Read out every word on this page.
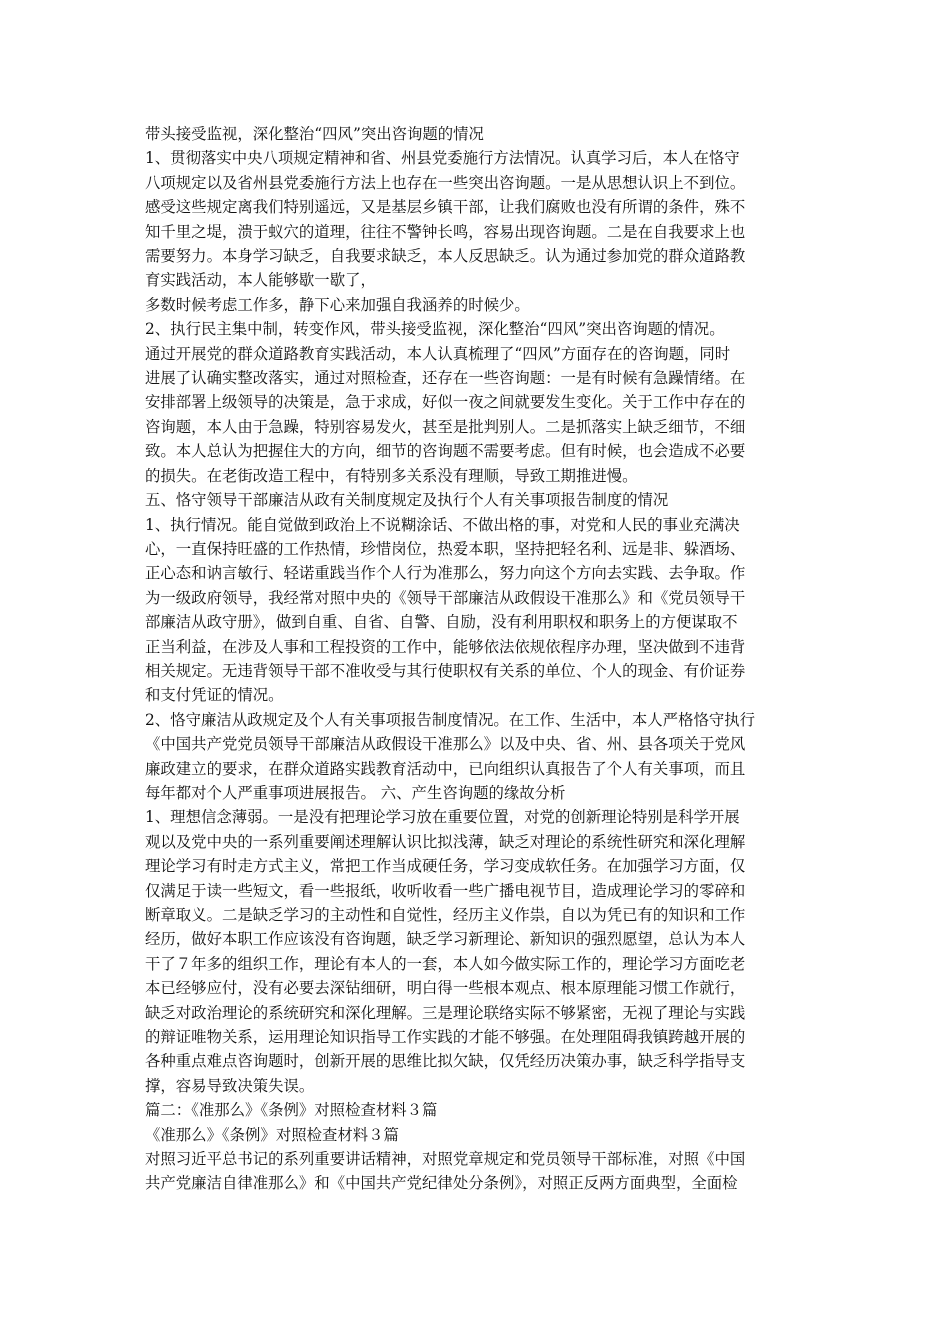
带头接受监视，深化整治“四风”突出咨询题的情况

1、贯彻落实中央八项规定精神和省、州县党委施行方法情况。认真学习后，本人在恪守

八项规定以及省州县党委施行方法上也存在一些突出咨询题。一是从思想认识上不到位。

感受这些规定离我们特别遥远，又是基层乡镇干部，让我们腐败也没有所谓的条件，殊不

知千里之堤，溃于蚁穴的道理，往往不警钟长鸣，容易出现咨询题。二是在自我要求上也

需要努力。本身学习缺乏，自我要求缺乏，本人反思缺乏。认为通过参加党的群众道路教

育实践活动，本人能够歇一歇了，

多数时候考虑工作多，静下心来加强自我涵养的时候少。

2、执行民主集中制，转变作风，带头接受监视，深化整治“四风”突出咨询题的情况。

通过开展党的群众道路教育实践活动，本人认真梳理了“四风”方面存在的咨询题，同时

进展了认确实整改落实，通过对照检查，还存在一些咨询题：一是有时候有急躁情绪。在

安排部署上级领导的决策是，急于求成，好似一夜之间就要发生变化。关于工作中存在的

咨询题，本人由于急躁，特别容易发火，甚至是批判别人。二是抓落实上缺乏细节，不细

致。本人总认为把握住大的方向，细节的咨询题不需要考虑。但有时候，也会造成不必要

的损失。在老街改造工程中，有特别多关系没有理顺，导致工期推进慢。

五、恪守领导干部廉洁从政有关制度规定及执行个人有关事项报告制度的情况

1、执行情况。能自觉做到政治上不说糊涂话、不做出格的事，对党和人民的事业充满决

心，一直保持旺盛的工作热情，珍惜岗位，热爱本职，坚持把轻名利、远是非、躲酒场、

正心态和讷言敏行、轻诺重践当作个人行为准那么，努力向这个方向去实践、去争取。作

为一级政府领导，我经常对照中央的《领导干部廉洁从政假设干准那么》和《党员领导干

部廉洁从政守册》，做到自重、自省、自警、自励，没有利用职权和职务上的方便谋取不

正当利益，在涉及人事和工程投资的工作中，能够依法依规依程序办理，坚决做到不违背

相关规定。无违背领导干部不准收受与其行使职权有关系的单位、个人的现金、有价证券

和支付凭证的情况。

2、恪守廉洁从政规定及个人有关事项报告制度情况。在工作、生活中，本人严格恪守执行

《中国共产党党员领导干部廉洁从政假设干准那么》以及中央、省、州、县各项关于党风

廉政建立的要求，在群众道路实践教育活动中，已向组织认真报告了个人有关事项，而且

每年都对个人严重事项进展报告。 六、产生咨询题的缘故分析

1、理想信念薄弱。一是没有把理论学习放在重要位置，对党的创新理论特别是科学开展

观以及党中央的一系列重要阐述理解认识比拟浅薄，缺乏对理论的系统性研究和深化理解

理论学习有时走方式主义，常把工作当成硬任务，学习变成软任务。在加强学习方面，仅

仅满足于读一些短文，看一些报纸，收听收看一些广播电视节目，造成理论学习的零碎和

断章取义。二是缺乏学习的主动性和自觉性，经历主义作祟，自以为凭已有的知识和工作

经历，做好本职工作应该没有咨询题，缺乏学习新理论、新知识的强烈愿望，总认为本人

干了７年多的组织工作，理论有本人的一套，本人如今做实际工作的，理论学习方面吃老

本已经够应付，没有必要去深钻细研，明白得一些根本观点、根本原理能习惯工作就行，

缺乏对政治理论的系统研究和深化理解。三是理论联络实际不够紧密，无视了理论与实践

的辩证唯物关系，运用理论知识指导工作实践的才能不够强。在处理阻碍我镇跨越开展的

各种重点难点咨询题时，创新开展的思维比拟欠缺，仅凭经历决策办事，缺乏科学指导支

撑，容易导致决策失误。

篇二：《准那么》《条例》对照检查材料３篇

《准那么》《条例》对照检查材料３篇

对照习近平总书记的系列重要讲话精神，对照党章规定和党员领导干部标准，对照《中国

共产党廉洁自律准那么》和《中国共产党纪律处分条例》，对照正反两方面典型，全面检
